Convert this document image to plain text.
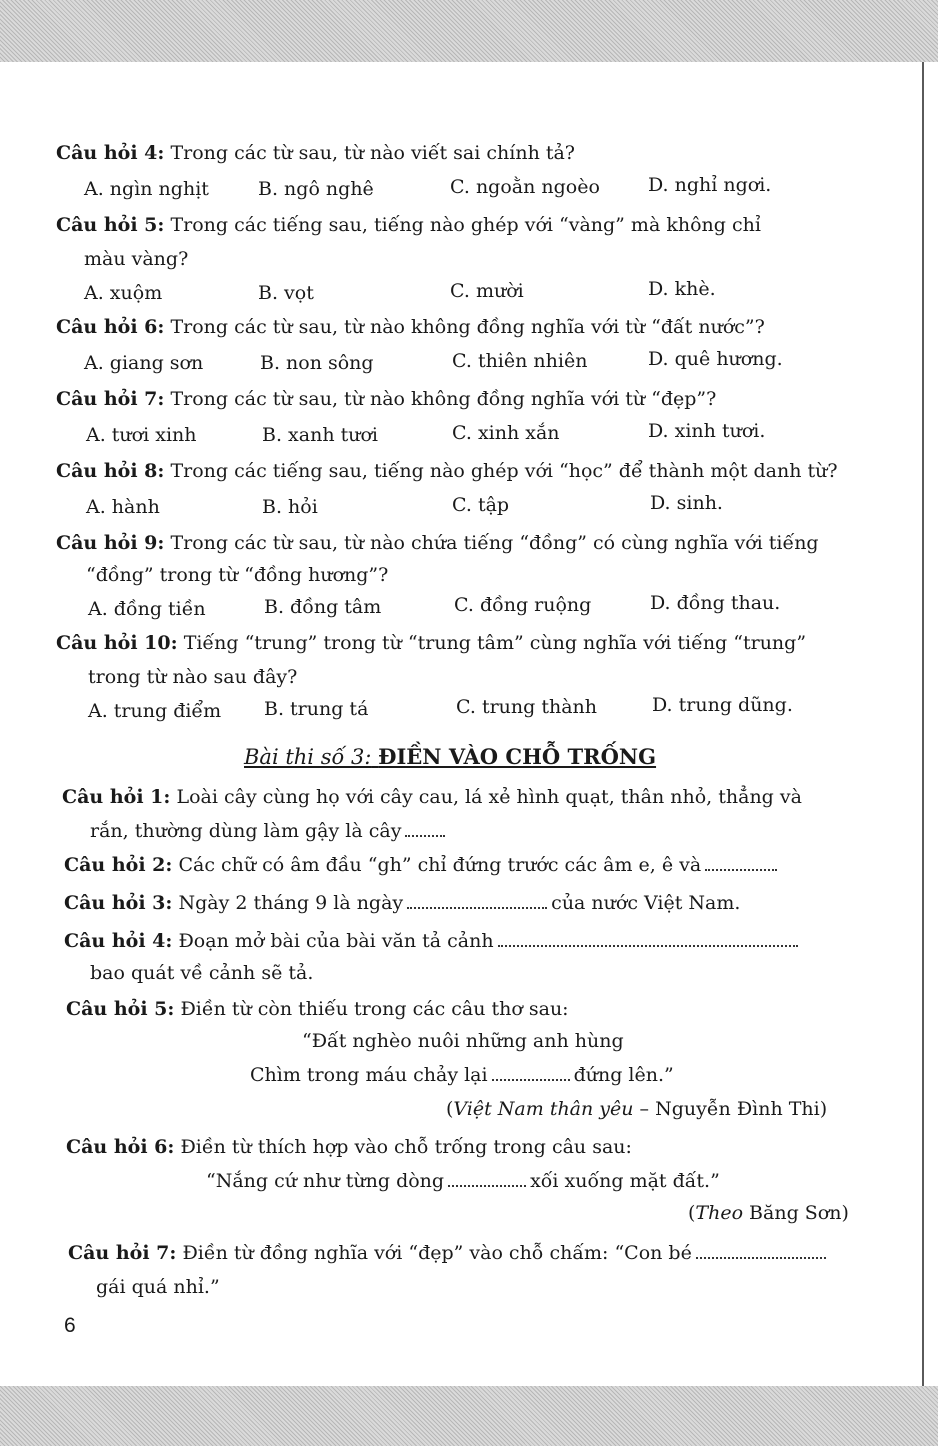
Câu hỏi 4: Trong các từ sau, từ nào viết sai chính tả?
A. ngìn nghịt	B. ngô nghê	C. ngoằn ngoèo	D. nghỉ ngơi.
Câu hỏi 5: Trong các tiếng sau, tiếng nào ghép với “vàng” mà không chỉ
màu vàng?
A. xuộm	B. vọt	C. mười	D. khè.
Câu hỏi 6: Trong các từ sau, từ nào không đồng nghĩa với từ “đất nước”?
A. giang sơn	B. non sông	C. thiên nhiên	D. quê hương.
Câu hỏi 7: Trong các từ sau, từ nào không đồng nghĩa với từ “đẹp”?
A. tươi xinh	B. xanh tươi	C. xinh xắn	D. xinh tươi.
Câu hỏi 8: Trong các tiếng sau, tiếng nào ghép với “học” để thành một danh từ?
A. hành	B. hỏi	C. tập	D. sinh.
Câu hỏi 9: Trong các từ sau, từ nào chứa tiếng “đồng” có cùng nghĩa với tiếng
“đồng” trong từ “đồng hương”?
A. đồng tiền	B. đồng tâm	C. đồng ruộng	D. đồng thau.
Câu hỏi 10: Tiếng “trung” trong từ “trung tâm” cùng nghĩa với tiếng “trung”
trong từ nào sau đây?
A. trung điểm B. trung tá	C. trung thành	D. trung dũng.
Bài thi số 3: ĐIỀN VÀO CHỖ TRỐNG
Câu hỏi 1: Loài cây cùng họ với cây cau, lá xẻ hình quạt, thân nhỏ, thẳng và
rắn, thường dùng làm gậy là cây
Câu hỏi 2: Các chữ có âm đầu “gh” chỉ đứng trước các âm e, ê và
Câu hỏi 3: Ngày 2 tháng 9 là ngày	của nước Việt Nam.
Câu hỏi 4: Đoạn mở bài của bài văn tả cảnh
bao quát về cảnh sẽ tả.
Câu hỏi 5: Điền từ còn thiếu trong các câu thơ sau:
“Đất nghèo nuôi những anh hùng
Chìm trong máu chảy lại	đứng lên.”
(Việt Nam thân yêu – Nguyễn Đình Thi)
Câu hỏi 6: Điền từ thích hợp vào chỗ trống trong câu sau:
“Nắng cứ như từng dòng	xối xuống mặt đất.”
(Theo Băng Sơn)
Câu hỏi 7: Điền từ đồng nghĩa với “đẹp” vào chỗ chấm: “Con bé
gái quá nhỉ.”
6
